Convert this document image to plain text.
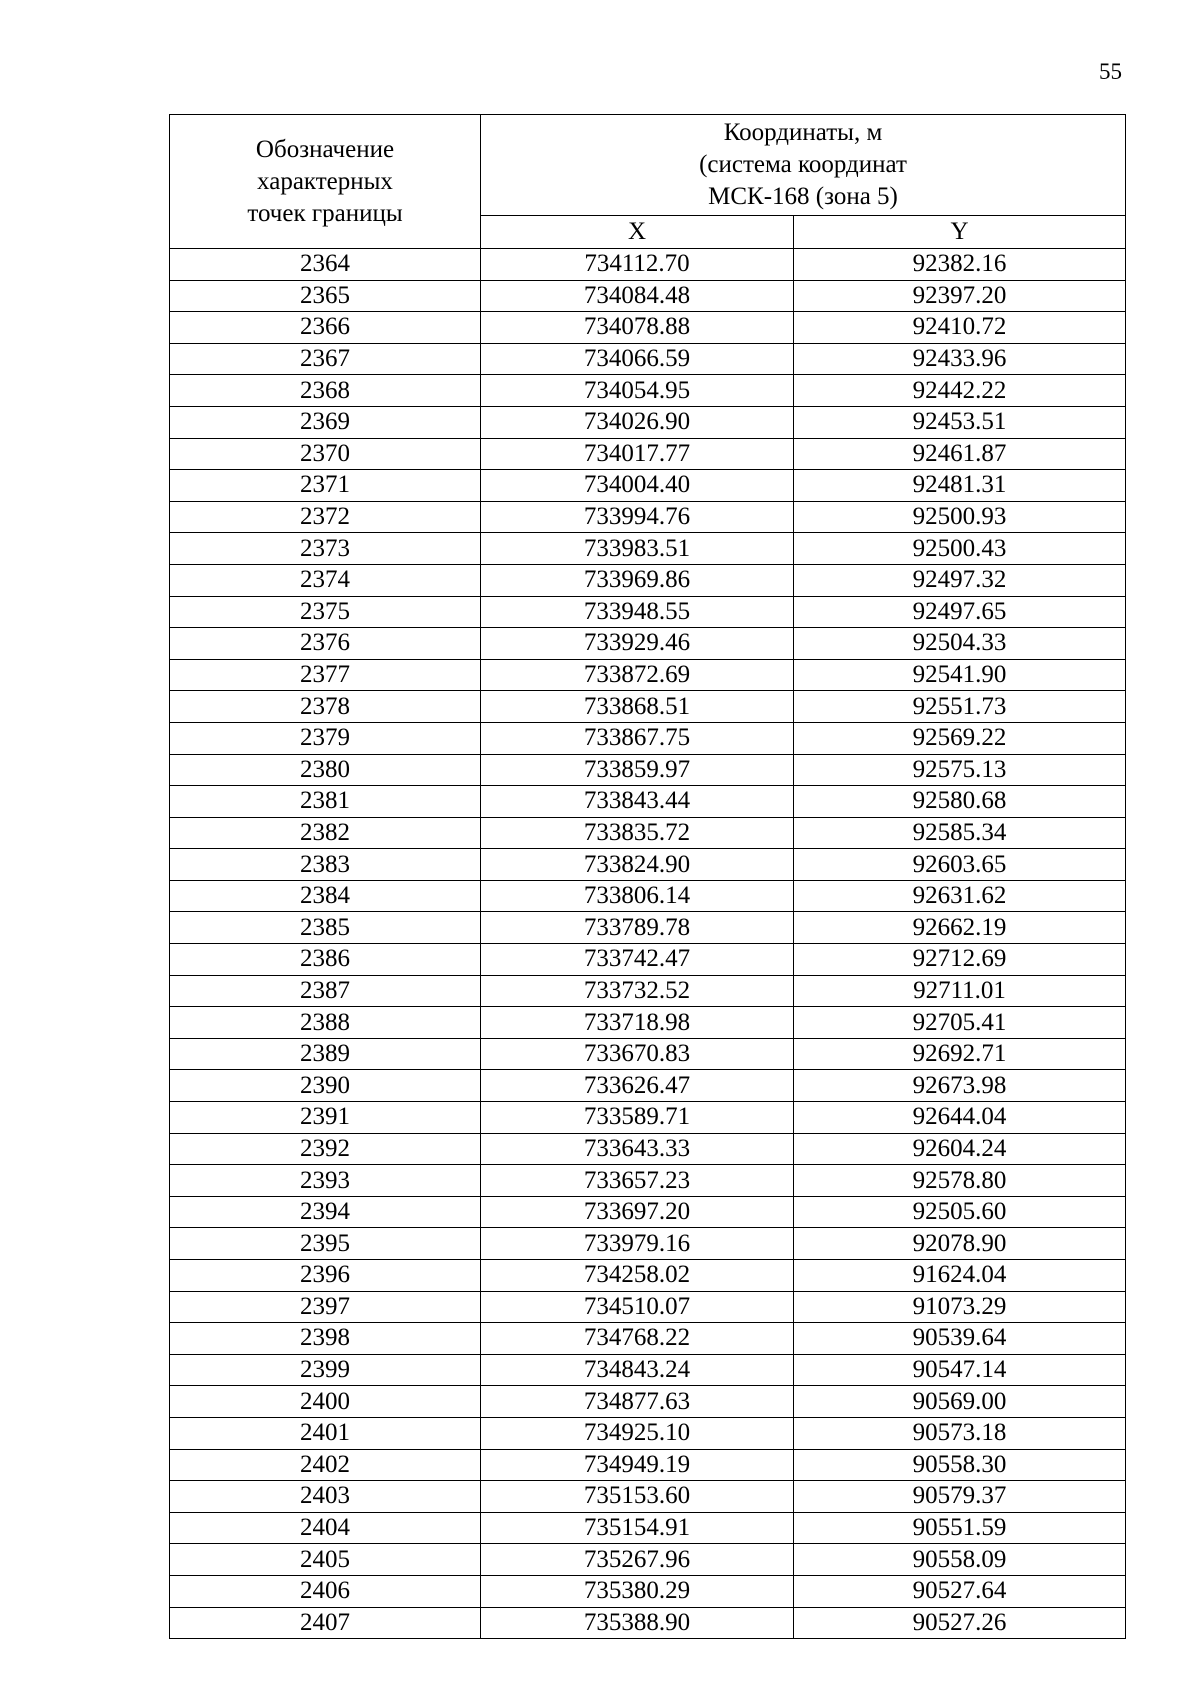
55
Обозначение
характерных
точек границы	Координаты, м
(система координат
МСК-168 (зона 5)	

	X	Y
2364	734112.70	92382.16
2365	734084.48	92397.20
2366	734078.88	92410.72
2367	734066.59	92433.96
2368	734054.95	92442.22
2369	734026.90	92453.51
2370	734017.77	92461.87
2371	734004.40	92481.31
2372	733994.76	92500.93
2373	733983.51	92500.43
2374	733969.86	92497.32
2375	733948.55	92497.65
2376	733929.46	92504.33
2377	733872.69	92541.90
2378	733868.51	92551.73
2379	733867.75	92569.22
2380	733859.97	92575.13
2381	733843.44	92580.68
2382	733835.72	92585.34
2383	733824.90	92603.65
2384	733806.14	92631.62
2385	733789.78	92662.19
2386	733742.47	92712.69
2387	733732.52	92711.01
2388	733718.98	92705.41
2389	733670.83	92692.71
2390	733626.47	92673.98
2391	733589.71	92644.04
2392	733643.33	92604.24
2393	733657.23	92578.80
2394	733697.20	92505.60
2395	733979.16	92078.90
2396	734258.02	91624.04
2397	734510.07	91073.29
2398	734768.22	90539.64
2399	734843.24	90547.14
2400	734877.63	90569.00
2401	734925.10	90573.18
2402	734949.19	90558.30
2403	735153.60	90579.37
2404	735154.91	90551.59
2405	735267.96	90558.09
2406	735380.29	90527.64
2407	735388.90	90527.26
